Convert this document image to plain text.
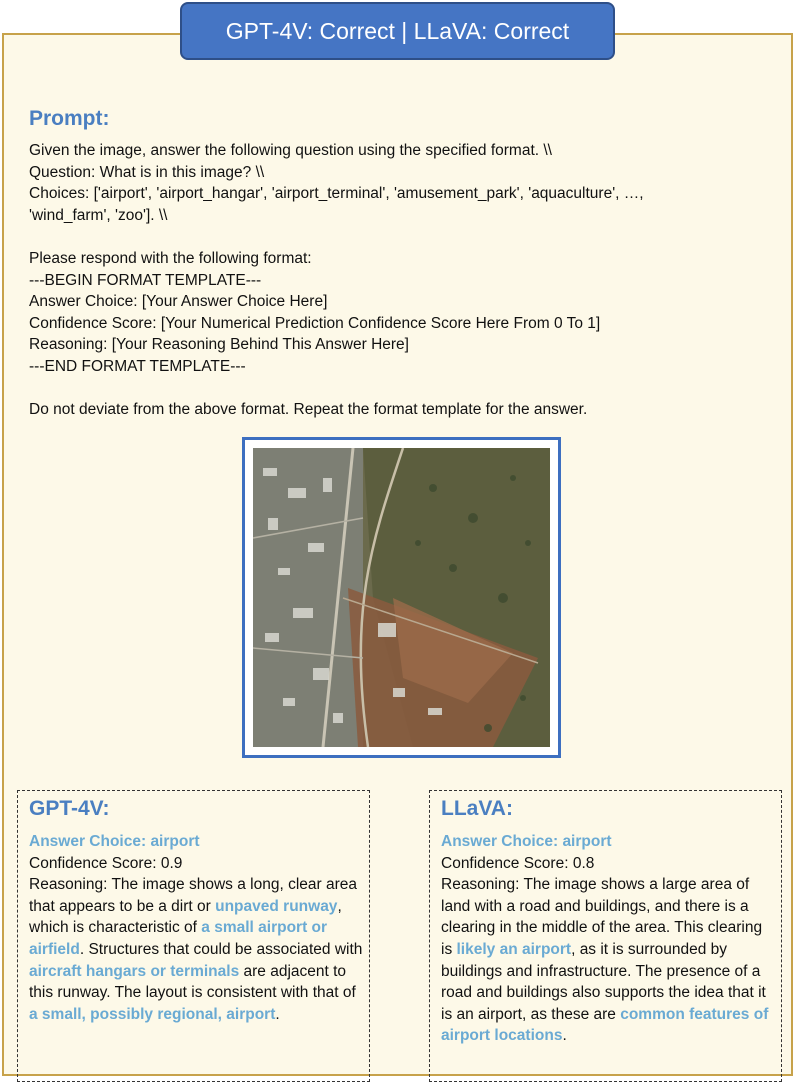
Prompt:
Given the image, answer the following question using the specified format. \\
Question: What is in this image? \\
Choices: ['airport', 'airport_hangar', 'airport_terminal', 'amusement_park', 'aquaculture', …,
'wind_farm', 'zoo']. \\
Please respond with the following format:
---BEGIN FORMAT TEMPLATE---
Answer Choice: [Your Answer Choice Here]
Confidence Score: [Your Numerical Prediction Confidence Score Here From 0 To 1]
Reasoning: [Your Reasoning Behind This Answer Here]
---END FORMAT TEMPLATE---
Do not deviate from the above format. Repeat the format template for the answer.
GPT-4V:
Answer Choice: airport
Confidence Score: 0.9
Reasoning: The image shows a long, clear area that appears to be a dirt or unpaved runway, which is characteristic of a small airport or airfield. Structures that could be associated with aircraft hangars or terminals are adjacent to this runway. The layout is consistent with that of a small, possibly regional, airport.
LLaVA:
Answer Choice: airport
Confidence Score: 0.8
Reasoning: The image shows a large area of land with a road and buildings, and there is a clearing in the middle of the area. This clearing is likely an airport, as it is surrounded by buildings and infrastructure. The presence of a road and buildings also supports the idea that it is an airport, as these are common features of airport locations.
GPT-4V: Correct | LLaVA: Correct
